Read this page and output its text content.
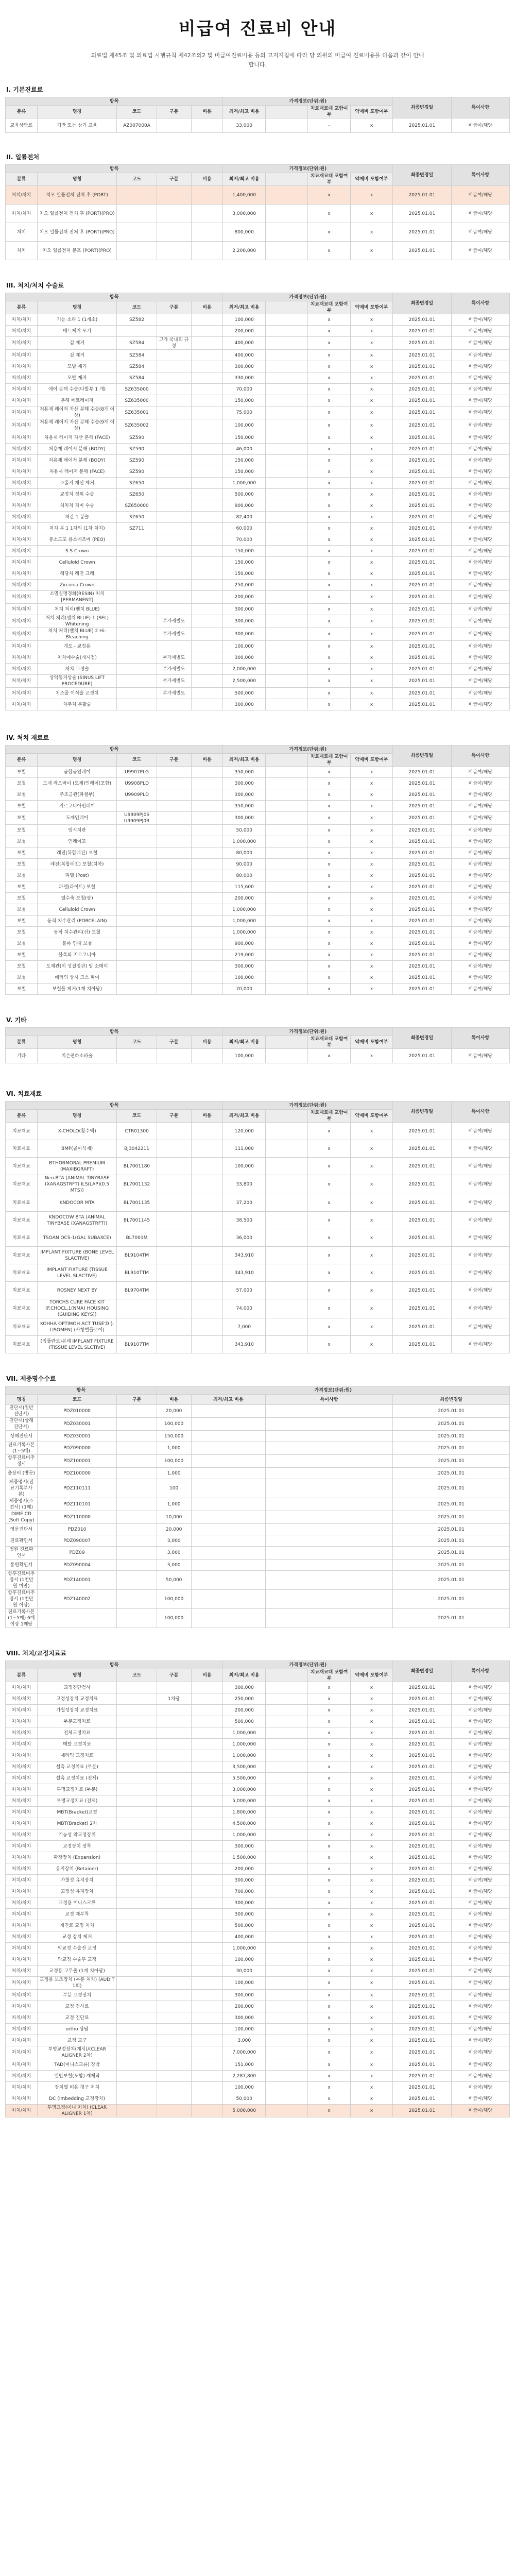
비급여 진료비 안내

의료법 제45조 및 의료법 시행규칙 제42조의2 및 비급여진료비용 등의 고지지침에 따라 당 의원의 비급여 진료비용을 다음과 같이 안내합니다.

I. 기본진료료
항목					가격정보(단위:원)				최종변경일	특이사항
분류	명칭	코드	구분	비용	최저/최고 비용		치료재료대 포함여부	약제비 포함여부		
교육상담료	기반 또는 상기 교육	AZ007000A			33,000		-	x	2025.01.01	비급여/해당
II. 일률전처
항목					가격정보(단위:원)				최종변경일	특이사항
분류	명칭	코드	구분	비용	최저/최고 비용		치료재료대 포함여부	약제비 포함여부		
처치/처치	치오 일률전처 전처 후 (PORT)				1,400,000		x	x	2025.01.01	비급여/해당
처치/처치	치오 일률전처 전처 후 (PORT)(PRO)				3,000,000		x	x	2025.01.01	비급여/해당
처치	치오 일률전처 전처 후 (PORT)(PRO)				800,000		x	x	2025.01.01	비급여/해당
처치	치오 일률전처 분포 (PORT)(PRO)				2,200,000		x	x	2025.01.01	비급여/해당
III. 처치/처치 수술료
항목					가격정보(단위:원)				최종변경일	특이사항
분류	명칭	코드	구분	비용	최저/최고 비용		치료재료대 포함여부	약제비 포함여부		
처치/처치	기능 소리 1 (1개소)	SZ582			100,000		x	x	2025.01.01	비급여/해당
처치/처치	베트제거 모기				200,000		x	x	2025.01.01	비급여/해당
처치/처치	검 제거	SZ584	고가 국내의 규정		400,000		x	x	2025.01.01	비급여/해당
처치/처치	검 제거	SZ584			400,000		x	x	2025.01.01	비급여/해당
처치/처치	모발 제거	SZ584			300,000		x	x	2025.01.01	비급여/해당
처치/처치	모발 제거	SZ584			330,000		x	x	2025.01.01	비급여/해당
처치/처치	에어 분해 수술(다발부 1 개)	SZ635000			70,000		x	x	2025.01.01	비급여/해당
처치/처치	분해 베트레이저	SZ635000			150,000		x	x	2025.01.01	비급여/해당
처치/처치	처용제 레이저 자산 분해 수술(8개 이상)	SZ635001			75,000		x	x	2025.01.01	비급여/해당
처치/처치	처용제 레이저 자산 분해 수술(9개 이상)	SZ635002			100,000		x	x	2025.01.01	비급여/해당
처치/처치	처용제 레이저 자산 분해 (FACE)	SZ590			150,000		x	x	2025.01.01	비급여/해당
처치/처치	처용제 레이저 분해 (BODY)	SZ590			46,000		x	x	2025.01.01	비급여/해당
처치/처치	처용제 레이저 분해 (BODY)	SZ590			150,000		x	x	2025.01.01	비급여/해당
처치/처치	처용제 레이저 분해 (FACE)	SZ590			150,000		x	x	2025.01.01	비급여/해당
처치/처치	소홀지 개선 제거	SZ650			1,000,000		x	x	2025.01.01	비급여/해당
처치/처치	교정치 정위 수술	SZ650			500,000		x	x	2025.01.01	비급여/해당
처치/처치	처치치 지미 수술	SZ650000			900,000		x	x	2025.01.01	비급여/해당
처치/처치	처간 1 봉술	SZ650			82,400		x	x	2025.01.01	비급여/해당
처치/처치	처치 분 1 1차의 (1차 처치)	SZ711			60,000		x	x	2025.01.01	비급여/해당
처치/처치	봉소도포 용소페조에 (PEO)				70,000		x	x	2025.01.01	비급여/해당
처치/처치	S.S Crown				150,000		x	x	2025.01.01	비급여/해당
처치/처치	Celluloid Crown				150,000		x	x	2025.01.01	비급여/해당
처치/처치	해당처 레진 크레				150,000		x	x	2025.01.01	비급여/해당
처치/처치	Zirconia Crown				250,000		x	x	2025.01.01	비급여/해당
처치/처치	소멸실명경화(RESIN) 처치 [PERMANENT]				200,000		x	x	2025.01.01	비급여/해당
처치/처치	처치 처리(밴치 BLUE)				300,000		x	x	2025.01.01	비급여/해당
처치/처치	처치 처리(밴치 BLUE) 1 (SEL) Whitening		부가세별도		300,000		x	x	2025.01.01	비급여/해당
처치/처치	처치 처리(밴치 BLUE) 2 Hi-Bleaching		부가세별도		300,000		x	x	2025.01.01	비급여/해당
처치/처치	개도 - 교정용				100,000		x	x	2025.01.01	비급여/해당
처치/처치	처치예수술(개시점)		부가세별도		300,000		x	x	2025.01.01	비급여/해당
처치/처치	처치 교정술		부가세별도		2,000,000		x	x	2025.01.01	비급여/해당
처치/처치	상악동거상술 (SINUS LIFT PROCEDURE)		부가세별도		2,500,000		x	x	2025.01.01	비급여/해당
처치/처치	치조골 이식술 교정치		부가세별도		500,000		x	x	2025.01.01	비급여/해당
처치/처치	치주치 분할술				300,000		x	x	2025.01.01	비급여/해당
IV. 처치 재료료
항목					가격정보(단위:원)				최종변경일	특이사항
분류	명칭	코드	구분	비용	최저/최고 비용		치료재료대 포함여부	약제비 포함여부		
보철	금합금인레이	U9907PLG			350,000		x	x	2025.01.01	비급여/해당
보철	도재 라오바이 (도재)인레이(포함)	U9908PLD			300,000		x	x	2025.01.01	비급여/해당
보철	주조금관(파셜부)	U9909PLD			300,000		x	x	2025.01.01	비급여/해당
보철	지르코니아인레이				350,000		x	x	2025.01.01	비급여/해당
보철	도재인레이	U9909PJ0S U9909PJ0R			300,000		x	x	2025.01.01	비급여/해당
보철	임시치관				50,000		x	x	2025.01.01	비급여/해당
보철	인레이고				1,000,000		x	x	2025.01.01	비급여/해당
보철	레진(복합레진) 보철				80,000		x	x	2025.01.01	비급여/해당
보철	레진(복합레진) 보철(치아)				90,000		x	x	2025.01.01	비급여/해당
보철	파텔 (Post)				80,000		x	x	2025.01.01	비급여/해당
보철	파텔(라이트) 보철				115,600		x	x	2025.01.01	비급여/해당
보철	열수축 보철(광)				200,000		x	x	2025.01.01	비급여/해당
보철	Celluloid Crown				1,000,000		x	x	2025.01.01	비급여/해당
보철	동적 치수관리 (PORCELAIN)				1,000,000		x	x	2025.01.01	비급여/해당
보철	동적 치수관리(신) 보철				1,000,000		x	x	2025.01.01	비급여/해당
보철	블록 인대 보철				900,000		x	x	2025.01.01	비급여/해당
보철	블록의 지르코니아				219,000		x	x	2025.01.01	비급여/해당
보철	도재관(이 성질정관) 임 소메이				300,000		x	x	2025.01.01	비급여/해당
보철	메러의 상시 크스 파이				100,000		x	x	2025.01.01	비급여/해당
보철	보철물 제거(1개 치아당)				70,000		x	x	2025.01.01	비급여/해당
V. 기타
항목					가격정보(단위:원)				최종변경일	특이사항
분류	명칭	코드	구분	비용	최저/최고 비용		치료재료대 포함여부	약제비 포함여부		
기타	치은연하소파술				100,000		x	x	2025.01.01	비급여/해당
VI. 치료재료
항목					가격정보(단위:원)				최종변경일	특이사항
분류	명칭	코드	구분	비용	최저/최고 비용		치료재료대 포함여부	약제비 포함여부		
치료재료	X-CHOLO(황수액)	CTR01300			120,000		x	x	2025.01.01	비급여/해당
치료재료	BMP(골이식재)	BJ3042211			111,000		x	x	2025.01.01	비급여/해당
치료재료	BTHORMORAL PREMIUM (MAXIBGRAFT)	BL7001180			100,000		x	x	2025.01.01	비급여/해당
치료재료	Neo-BTA (ANIMAL TINYBASE (XANAGSTRFT) ILS(LAP)(0.5 MTS))	BL7001132			33,800		x	x	2025.01.01	비급여/해당
치료재료	KNDOCOR MTA	BL7001135			37,200		x	x	2025.01.01	비급여/해당
치료재료	KNDOCOW BTA (ANIMAL TINYBASE (XANAGSTRFT))	BL7001145			38,500		x	x	2025.01.01	비급여/해당
치료재료	TSOAN OCS-1(GAL SUBAXCE)	BL7001M			36,000		x	x	2025.01.01	비급여/해당
치료재료	IMPLANT FIXTURE (BONE LEVEL SLACTIVE)	BL9104TM			343,910		x	x	2025.01.01	비급여/해당
치료재료	IMPLANT FIXTURE (TISSUE LEVEL SLACTIVE)	BL910TTM			343,910		x	x	2025.01.01	비급여/해당
치료재료	ROSNEY NEXT BY	BL9704TM			57,000		x	x	2025.01.01	비급여/해당
치료재료	TORCHS CURE FACE KIT (F.CHOCL.1(NMA) HOUSING (GUIDING KEYS))				74,000		x	x	2025.01.01	비급여/해당
치료재료	KOHHA OPTIMOH ACT TUSE'D (-LISOMEN) (사항별플로어)				7,000		x	x	2025.01.01	비급여/해당
치료재료	(임플란트)본레 IMPLANT FIXTURE (TISSUE LEVEL SLCTIVE)	BL9107TM			343,910		x	x	2025.01.01	비급여/해당
VII. 제증명수수료
항목			가격정보(단위:원)			
명칭	코드	구분	비용	최저/최고 비용	특이사항	최종변경일
진단서(일반진단서)	PDZ010000		20,000			2025.01.01
진단서(상해진단서)	PDZ030001		100,000			2025.01.01
상해진단서	PDZ030001		150,000			2025.01.01
진료기록사본 (1~5매)	PDZ090000		1,000			2025.01.01
향후진료비추정서	PDZ100001		100,000			2025.01.01
출장비 (방문)	PDZ100000		1,000			2025.01.01
제증명서(진료기록부사본)	PDZ110111		100			2025.01.01
제증명서(소견서) (1매)	PDZ110101		1,000			2025.01.01
DIME CD (Soft Copy)	PDZ110000		10,000			2025.01.01
영문진단서	PDZ010		20,000			2025.01.01
진료확인서	PDZ090007		3,000			2025.01.01
병원 진료확인서	PDZ09		3,000			2025.01.01
통원확인서	PDZ090004		3,000			2025.01.01
향후진료비추정서 (1천만원 미만)	PDZ140001		50,000			2025.01.01
향후진료비추정서 (1천만원 이상)	PDZ140002		100,000			2025.01.01
진료기록사본 (1~5매) 6매 이상 1매당			100,000			2025.01.01
VIII. 처치/교정치료료
항목					가격정보(단위:원)				최종변경일	특이사항
분류	명칭	코드	구분	비용	최저/최고 비용		치료재료대 포함여부	약제비 포함여부		
처치/처치	교정진단검사				300,000		x	x	2025.01.01	비급여/해당
처치/처치	고정성장치 교정치료		1차당		250,000		x	x	2025.01.01	비급여/해당
처치/처치	가철성장치 교정치료				200,000		x	x	2025.01.01	비급여/해당
처치/처치	부분교정치료				500,000		x	x	2025.01.01	비급여/해당
처치/처치	전체교정치료				1,000,000		x	x	2025.01.01	비급여/해당
처치/처치	메탈 교정치료				1,000,000		x	x	2025.01.01	비급여/해당
처치/처치	세라믹 교정치료				1,000,000		x	x	2025.01.01	비급여/해당
처치/처치	설측 교정치료 (부분)				3,500,000		x	x	2025.01.01	비급여/해당
처치/처치	설측 교정치료 (전체)				5,500,000		x	x	2025.01.01	비급여/해당
처치/처치	투명교정치료 (부분)				3,000,000		x	x	2025.01.01	비급여/해당
처치/처치	투명교정치료 (전체)				5,000,000		x	x	2025.01.01	비급여/해당
처치/처치	MBT(Bracket)교정				1,800,000		x	x	2025.01.01	비급여/해당
처치/처치	MBT(Bracket) 2차				4,500,000		x	x	2025.01.01	비급여/해당
처치/처치	기능성 악교정장치				1,000,000		x	x	2025.01.01	비급여/해당
처치/처치	교정장치 장착				300,000		x	x	2025.01.01	비급여/해당
처치/처치	확장장치 (Expansion)				1,500,000		x	x	2025.01.01	비급여/해당
처치/처치	유지장치 (Retainer)				200,000		x	x	2025.01.01	비급여/해당
처치/처치	가철성 유지장치				300,000		x	x	2025.01.01	비급여/해당
처치/처치	고정성 유지장치				700,000		x	x	2025.01.01	비급여/해당
처치/처치	교정용 미니스크류				300,000		x	x	2025.01.01	비급여/해당
처치/처치	교정 재부착				300,000		x	x	2025.01.01	비급여/해당
처치/처치	재진료 교정 처치				500,000		x	x	2025.01.01	비급여/해당
처치/처치	교정 장치 제거				400,000		x	x	2025.01.01	비급여/해당
처치/처치	악교정 수술전 교정				1,000,000		x	x	2025.01.01	비급여/해당
처치/처치	악교정 수술후 교정				100,000		x	x	2025.01.01	비급여/해당
처치/처치	교정용 고무줄 (1개 치아당)				30,000		x	x	2025.01.01	비급여/해당
처치/처치	교정용 보조장치 (부분 처치) (AUDIT 1회)				100,000		x	x	2025.01.01	비급여/해당
처치/처치	부분 교정장치				300,000		x	x	2025.01.01	비급여/해당
처치/처치	교정 검사료				200,000		x	x	2025.01.01	비급여/해당
처치/처치	교정 진단료				300,000		x	x	2025.01.01	비급여/해당
처치/처치	ortho 상담				100,000		x	x	2025.01.01	비급여/해당
처치/처치	교정 교구				3,000		x	x	2025.01.01	비급여/해당
처치/처치	투명교정장치(개시)/(CLEAR ALIGNER 2차)				7,000,000		x	x	2025.01.01	비급여/해당
처치/처치	TAD(미니스크류) 장착				151,000		x	x	2025.01.01	비급여/해당
처치/처치	일반보철(포함) 재제작				2,287,800		x	x	2025.01.01	비급여/해당
처치/처치	장치별 비용 청구 처치				100,000		x	x	2025.01.01	비급여/해당
처치/처치	DC (Imbedding 교정장치)				50,000		x	x	2025.01.01	비급여/해당
처치/처치	투명교정(미니 처치) (CLEAR ALIGNER 1차)				5,000,000		x	x	2025.01.01	비급여/해당
